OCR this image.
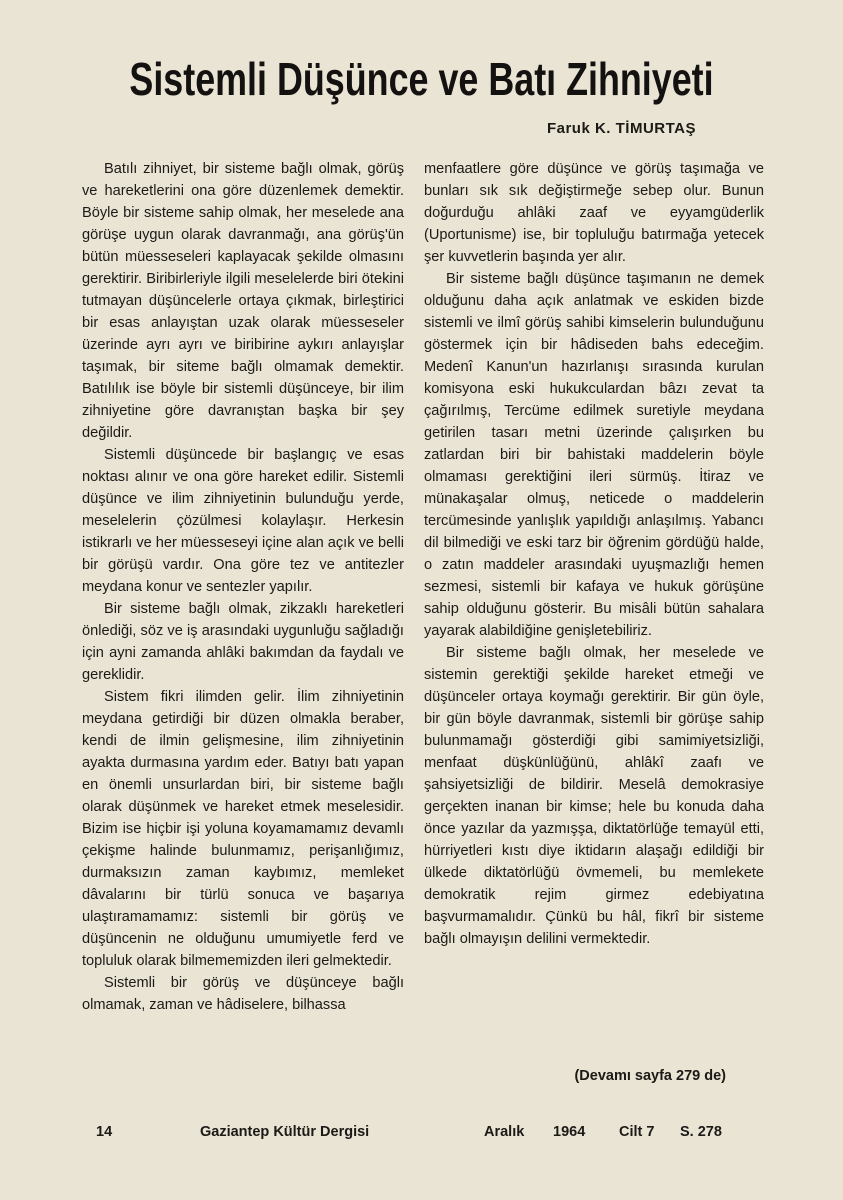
Sistemli Düşünce ve Batı Zihniyeti
Faruk K. TİMURTAŞ

Batılı zihniyet, bir sisteme bağlı olmak, görüş ve hareketlerini ona göre düzenlemek demektir. Böyle bir sisteme sahip olmak, her meselede ana görüşe uygun olarak davranmağı, ana görüş'ün bütün müesseseleri kaplayacak şekilde olmasını gerektirir. Biribirleriyle ilgili meselelerde biri ötekini tutmayan düşüncelerle ortaya çıkmak, birleştirici bir esas anlayıştan uzak olarak müesseseler üzerinde ayrı ayrı ve biribirine aykırı anlayışlar taşımak, bir siteme bağlı olmamak demektir. Batılılık ise böyle bir sistemli düşünceye, bir ilim zihniyetine göre davranıştan başka bir şey değildir.

Sistemli düşüncede bir başlangıç ve esas noktası alınır ve ona göre hareket edilir. Sistemli düşünce ve ilim zihniyetinin bulunduğu yerde, meselelerin çözülmesi kolaylaşır. Herkesin istikrarlı ve her müesseseyi içine alan açık ve belli bir görüşü vardır. Ona göre tez ve antitezler meydana konur ve sentezler yapılır.

Bir sisteme bağlı olmak, zikzaklı hareketleri önlediği, söz ve iş arasındaki uygunluğu sağladığı için ayni zamanda ahlâki bakımdan da faydalı ve gereklidir.

Sistem fikri ilimden gelir. İlim zihniyetinin meydana getirdiği bir düzen olmakla beraber, kendi de ilmin gelişmesine, ilim zihniyetinin ayakta durmasına yardım eder. Batıyı batı yapan en önemli unsurlardan biri, bir sisteme bağlı olarak düşünmek ve hareket etmek meselesidir. Bizim ise hiçbir işi yoluna koyamamamız devamlı çekişme halinde bulunmamız, perişanlığımız, durmaksızın zaman kaybımız, memleket dâvalarını bir türlü sonuca ve başarıya ulaştıramamamız: sistemli bir görüş ve düşüncenin ne olduğunu umumiyetle ferd ve topluluk olarak bilmememizden ileri gelmektedir.

Sistemli bir görüş ve düşünceye bağlı olmamak, zaman ve hâdiselere, bilhassa

menfaatlere göre düşünce ve görüş taşımağa ve bunları sık sık değiştirmeğe sebep olur. Bunun doğurduğu ahlâki zaaf ve eyyamgüderlik (Uportunisme) ise, bir topluluğu batırmağa yetecek şer kuvvetlerin başında yer alır.

Bir sisteme bağlı düşünce taşımanın ne demek olduğunu daha açık anlatmak ve eskiden bizde sistemli ve ilmî görüş sahibi kimselerin bulunduğunu göstermek için bir hâdiseden bahs edeceğim. Medenî Kanun'un hazırlanışı sırasında kurulan komisyona eski hukukculardan bâzı zevat ta çağırılmış, Tercüme edilmek suretiyle meydana getirilen tasarı metni üzerinde çalışırken bu zatlardan biri bir bahistaki maddelerin böyle olmaması gerektiğini ileri sürmüş. İtiraz ve münakaşalar olmuş, neticede o maddelerin tercümesinde yanlışlık yapıldığı anlaşılmış. Yabancı dil bilmediği ve eski tarz bir öğrenim gördüğü halde, o zatın maddeler arasındaki uyuşmazlığı hemen sezmesi, sistemli bir kafaya ve hukuk görüşüne sahip olduğunu gösterir. Bu misâli bütün sahalara yayarak alabildiğine genişletebiliriz.

Bir sisteme bağlı olmak, her meselede ve sistemin gerektiği şekilde hareket etmeği ve düşünceler ortaya koymağı gerektirir. Bir gün öyle, bir gün böyle davranmak, sistemli bir görüşe sahip bulunmamağı gösterdiği gibi samimiyetsizliği, menfaat düşkünlüğünü, ahlâkî zaafı ve şahsiyetsizliği de bildirir. Meselâ demokrasiye gerçekten inanan bir kimse; hele bu konuda daha önce yazılar da yazmışşa, diktatörlüğe temayül etti, hürriyetleri kıstı diye iktidarın alaşağı edildiği bir ülkede diktatörlüğü övmemeli, bu memlekete demokratik rejim girmez edebiyatına başvurmamalıdır. Çünkü bu hâl, fikrî bir sisteme bağlı olmayışın delilini vermektedir.

(Devamı sayfa 279 de)
14	Gaziantep Kültür Dergisi	Aralık 1964 Cilt 7 S. 278
